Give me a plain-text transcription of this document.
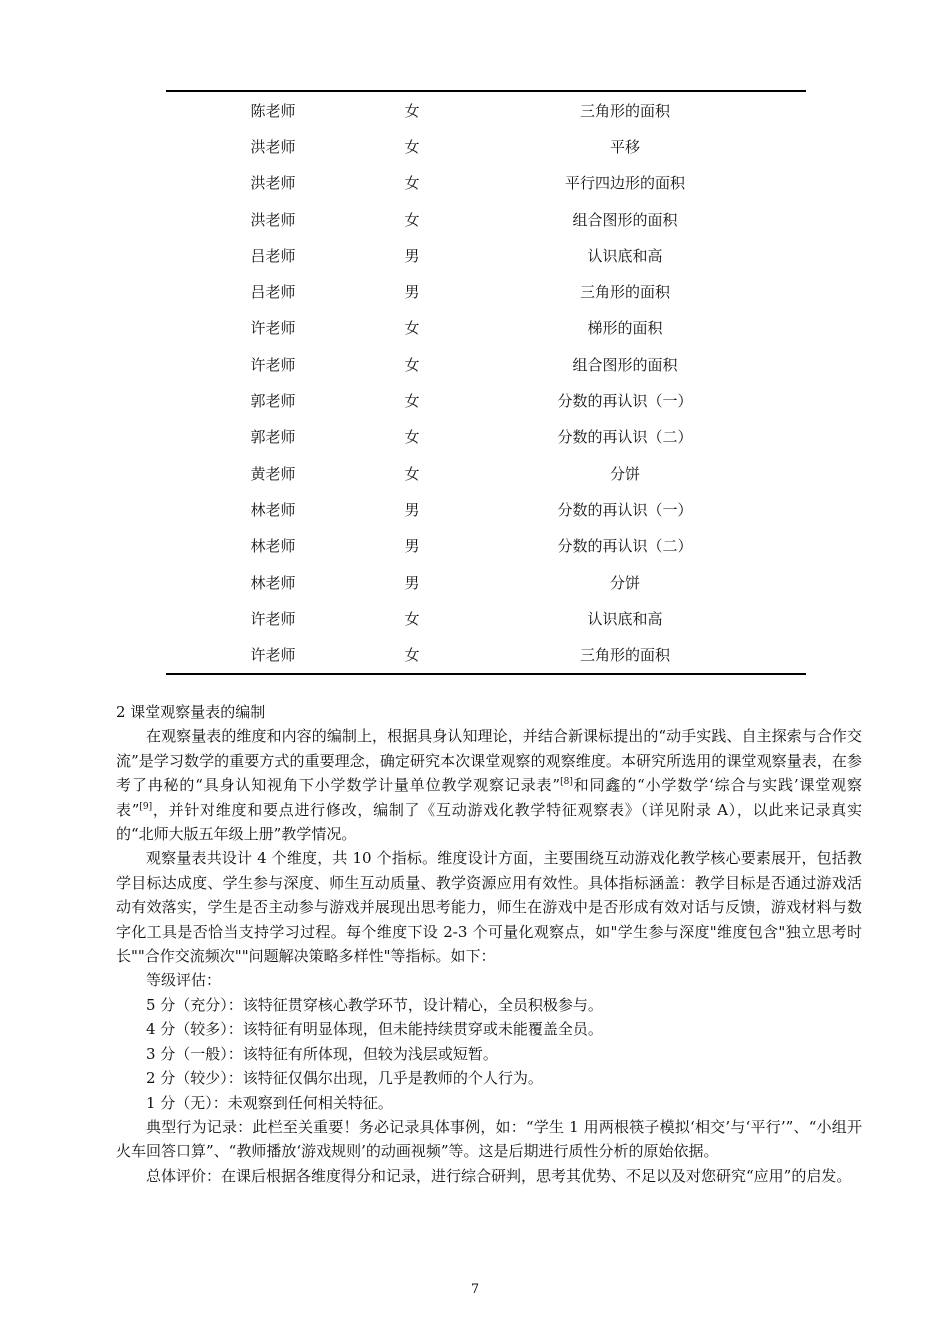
陈老师	女	三角形的面积
洪老师	女	平移
洪老师	女	平行四边形的面积
洪老师	女	组合图形的面积
吕老师	男	认识底和高
吕老师	男	三角形的面积
许老师	女	梯形的面积
许老师	女	组合图形的面积
郭老师	女	分数的再认识（一）
郭老师	女	分数的再认识（二）
黄老师	女	分饼
林老师	男	分数的再认识（一）
林老师	男	分数的再认识（二）
林老师	男	分饼
许老师	女	认识底和高
许老师	女	三角形的面积

2 课堂观察量表的编制

在观察量表的维度和内容的编制上，根据具身认知理论，并结合新课标提出的“动手实践、自主探索与合作交流”是学习数学的重要方式的重要理念，确定研究本次课堂观察的观察维度。本研究所选用的课堂观察量表，在参考了冉秘的“具身认知视角下小学数学计量单位教学观察记录表”[8]和同鑫的“小学数学‘综合与实践’课堂观察表”[9]，并针对维度和要点进行修改，编制了《互动游戏化教学特征观察表》（详见附录 A），以此来记录真实的“北师大版五年级上册”教学情况。

观察量表共设计 4 个维度，共 10 个指标。维度设计方面，主要围绕互动游戏化教学核心要素展开，包括教学目标达成度、学生参与深度、师生互动质量、教学资源应用有效性。具体指标涵盖：教学目标是否通过游戏活动有效落实，学生是否主动参与游戏并展现出思考能力，师生在游戏中是否形成有效对话与反馈，游戏材料与数字化工具是否恰当支持学习过程。每个维度下设 2-3 个可量化观察点，如"学生参与深度"维度包含"独立思考时长""合作交流频次""问题解决策略多样性"等指标。如下：

等级评估：

5 分（充分）：该特征贯穿核心教学环节，设计精心，全员积极参与。

4 分（较多）：该特征有明显体现，但未能持续贯穿或未能覆盖全员。

3 分（一般）：该特征有所体现，但较为浅层或短暂。

2 分（较少）：该特征仅偶尔出现，几乎是教师的个人行为。

1 分（无）：未观察到任何相关特征。

典型行为记录：此栏至关重要！务必记录具体事例，如：“学生 1 用两根筷子模拟‘相交’与‘平行’”、“小组开火车回答口算”、“教师播放‘游戏规则’的动画视频”等。这是后期进行质性分析的原始依据。

总体评价：在课后根据各维度得分和记录，进行综合研判，思考其优势、不足以及对您研究“应用”的启发。

7
